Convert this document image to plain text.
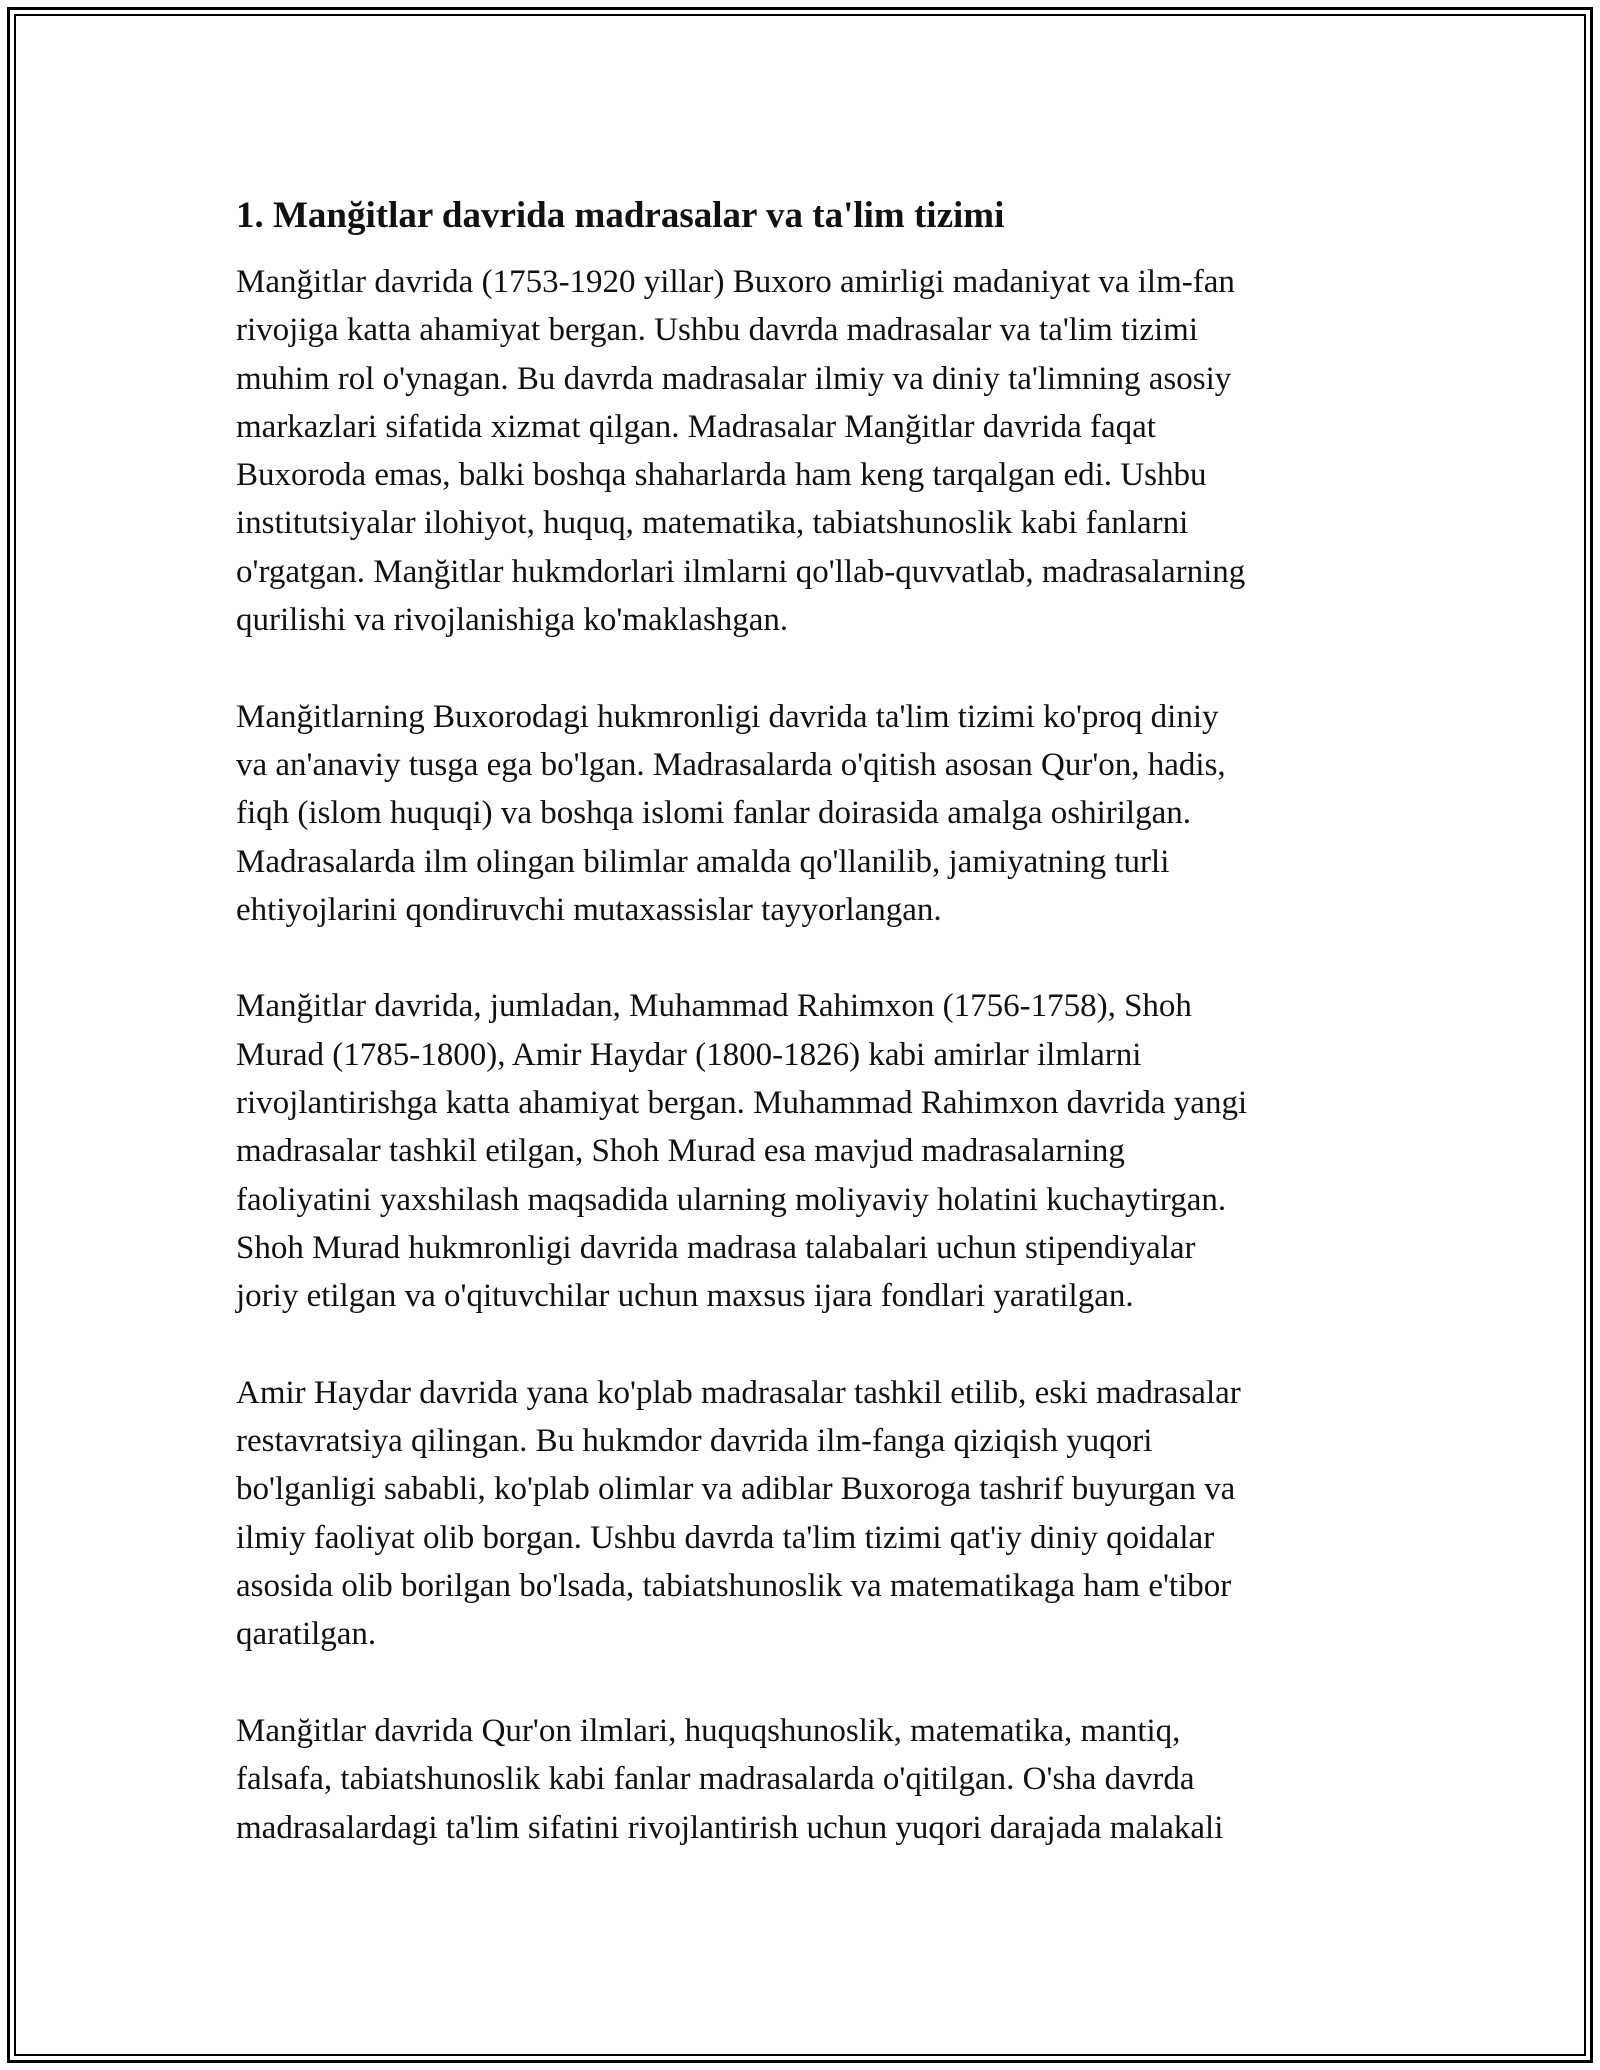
1. Manğitlar davrida madrasalar va ta'lim tizimi

Manğitlar davrida (1753-1920 yillar) Buxoro amirligi madaniyat va ilm-fan
rivojiga katta ahamiyat bergan. Ushbu davrda madrasalar va ta'lim tizimi
muhim rol o'ynagan. Bu davrda madrasalar ilmiy va diniy ta'limning asosiy
markazlari sifatida xizmat qilgan. Madrasalar Manğitlar davrida faqat
Buxoroda emas, balki boshqa shaharlarda ham keng tarqalgan edi. Ushbu
institutsiyalar ilohiyot, huquq, matematika, tabiatshunoslik kabi fanlarni
o'rgatgan. Manğitlar hukmdorlari ilmlarni qo'llab-quvvatlab, madrasalarning
qurilishi va rivojlanishiga ko'maklashgan.

Manğitlarning Buxorodagi hukmronligi davrida ta'lim tizimi ko'proq diniy
va an'anaviy tusga ega bo'lgan. Madrasalarda o'qitish asosan Qur'on, hadis,
fiqh (islom huquqi) va boshqa islomi fanlar doirasida amalga oshirilgan.
Madrasalarda ilm olingan bilimlar amalda qo'llanilib, jamiyatning turli
ehtiyojlarini qondiruvchi mutaxassislar tayyorlangan.

Manğitlar davrida, jumladan, Muhammad Rahimxon (1756-1758), Shoh
Murad (1785-1800), Amir Haydar (1800-1826) kabi amirlar ilmlarni
rivojlantirishga katta ahamiyat bergan. Muhammad Rahimxon davrida yangi
madrasalar tashkil etilgan, Shoh Murad esa mavjud madrasalarning
faoliyatini yaxshilash maqsadida ularning moliyaviy holatini kuchaytirgan.
Shoh Murad hukmronligi davrida madrasa talabalari uchun stipendiyalar
joriy etilgan va o'qituvchilar uchun maxsus ijara fondlari yaratilgan.

Amir Haydar davrida yana ko'plab madrasalar tashkil etilib, eski madrasalar
restavratsiya qilingan. Bu hukmdor davrida ilm-fanga qiziqish yuqori
bo'lganligi sababli, ko'plab olimlar va adiblar Buxoroga tashrif buyurgan va
ilmiy faoliyat olib borgan. Ushbu davrda ta'lim tizimi qat'iy diniy qoidalar
asosida olib borilgan bo'lsada, tabiatshunoslik va matematikaga ham e'tibor
qaratilgan.

Manğitlar davrida Qur'on ilmlari, huquqshunoslik, matematika, mantiq,
falsafa, tabiatshunoslik kabi fanlar madrasalarda o'qitilgan. O'sha davrda
madrasalardagi ta'lim sifatini rivojlantirish uchun yuqori darajada malakali
